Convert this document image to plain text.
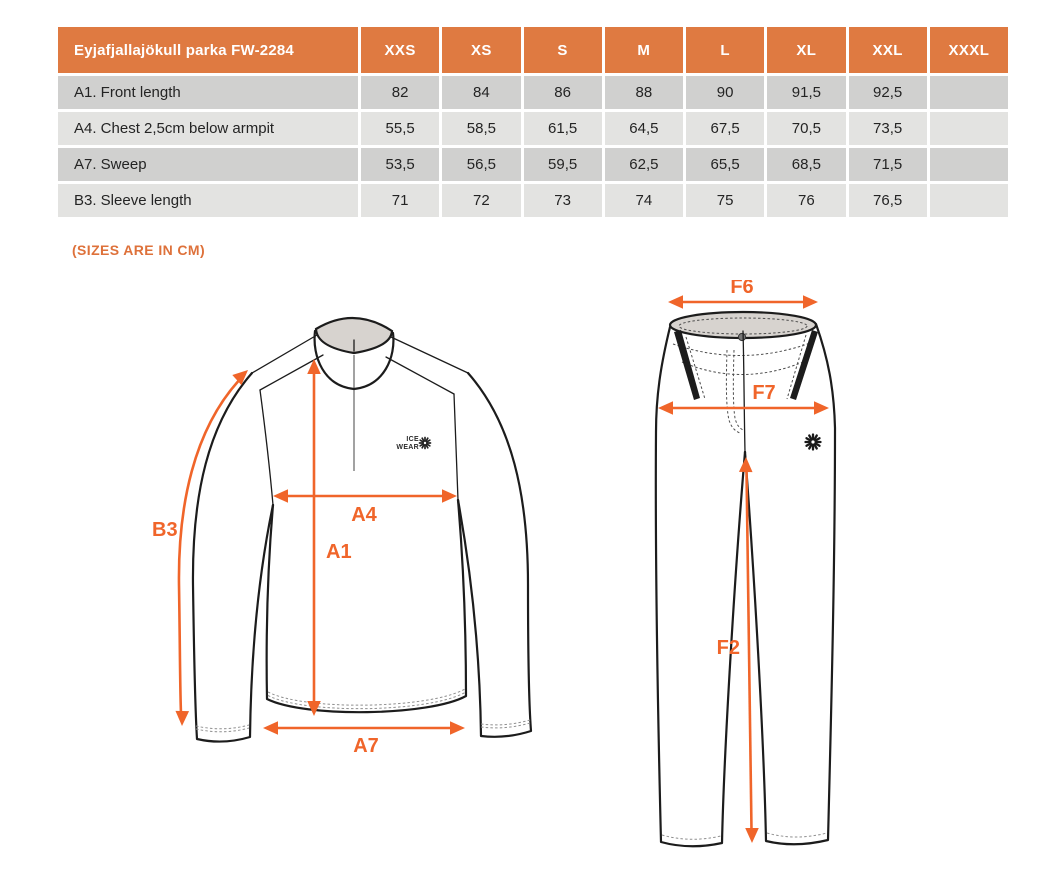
Eyjafjallajökull parka FW-2284	XXS	XS	S	M	L	XL	XXL	XXXL
A1. Front length	82	84	86	88	90	91,5	92,5
A4. Chest 2,5cm below armpit	55,5	58,5	61,5	64,5	67,5	70,5	73,5
A7. Sweep	53,5	56,5	59,5	62,5	65,5	68,5	71,5
B3. Sleeve length	71	72	73	74	75	76	76,5
(SIZES ARE IN CM)
ICE
WEAR
B3
A1
A4
A7
F6
F7
F2
